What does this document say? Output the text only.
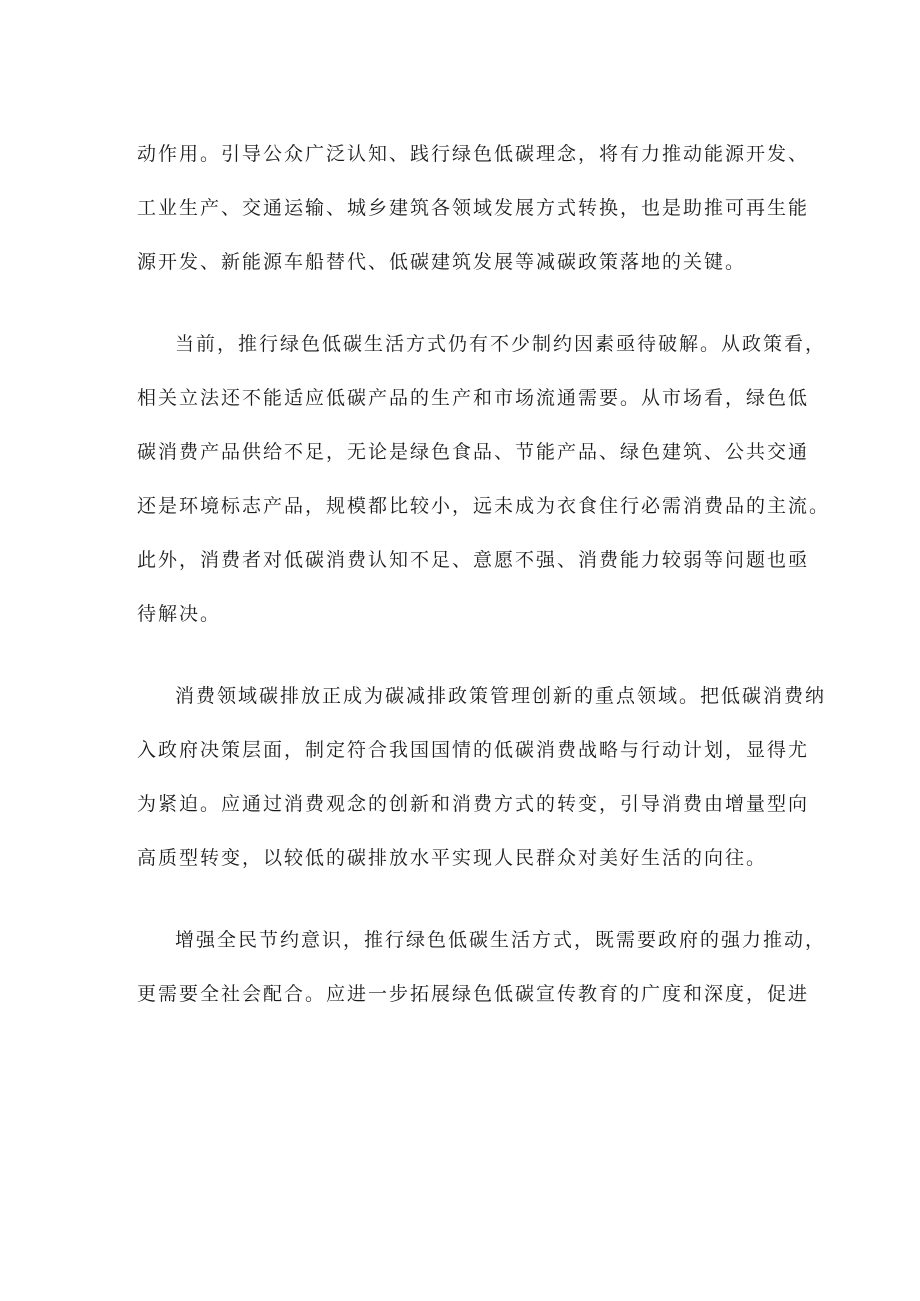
动作用。引导公众广泛认知、践行绿色低碳理念，将有力推动能源开发、
工业生产、交通运输、城乡建筑各领域发展方式转换，也是助推可再生能
源开发、新能源车船替代、低碳建筑发展等减碳政策落地的关键。

当前，推行绿色低碳生活方式仍有不少制约因素亟待破解。从政策看，
相关立法还不能适应低碳产品的生产和市场流通需要。从市场看，绿色低
碳消费产品供给不足，无论是绿色食品、节能产品、绿色建筑、公共交通
还是环境标志产品，规模都比较小，远未成为衣食住行必需消费品的主流。
此外，消费者对低碳消费认知不足、意愿不强、消费能力较弱等问题也亟
待解决。

消费领域碳排放正成为碳减排政策管理创新的重点领域。把低碳消费纳
入政府决策层面，制定符合我国国情的低碳消费战略与行动计划，显得尤
为紧迫。应通过消费观念的创新和消费方式的转变，引导消费由增量型向
高质型转变，以较低的碳排放水平实现人民群众对美好生活的向往。

增强全民节约意识，推行绿色低碳生活方式，既需要政府的强力推动，
更需要全社会配合。应进一步拓展绿色低碳宣传教育的广度和深度，促进
